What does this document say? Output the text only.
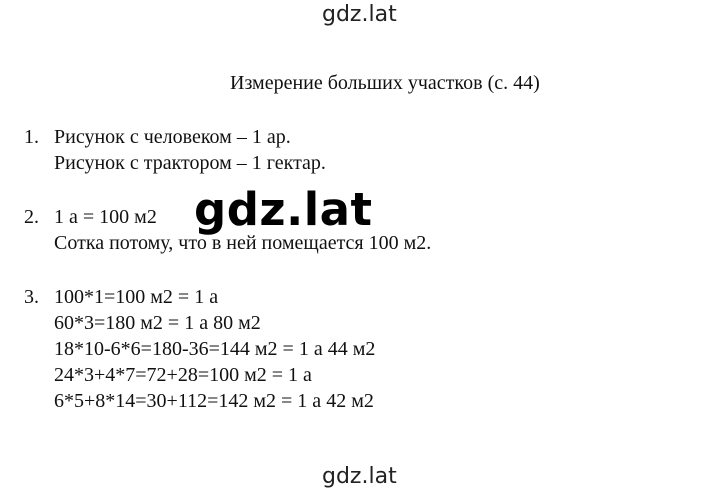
gdz.lat
Измерение больших участков (с. 44)
1. Рисунок с человеком – 1 ар.
Рисунок с трактором – 1 гектар.
2. 1 а = 100 м2
Сотка потому, что в ней помещается 100 м2.
3. 100*1=100 м2 = 1 а
60*3=180 м2 = 1 а 80 м2
18*10-6*6=180-36=144 м2 = 1 а 44 м2
24*3+4*7=72+28=100 м2 = 1 а
6*5+8*14=30+112=142 м2 = 1 а 42 м2
gdz.lat
gdz.lat
